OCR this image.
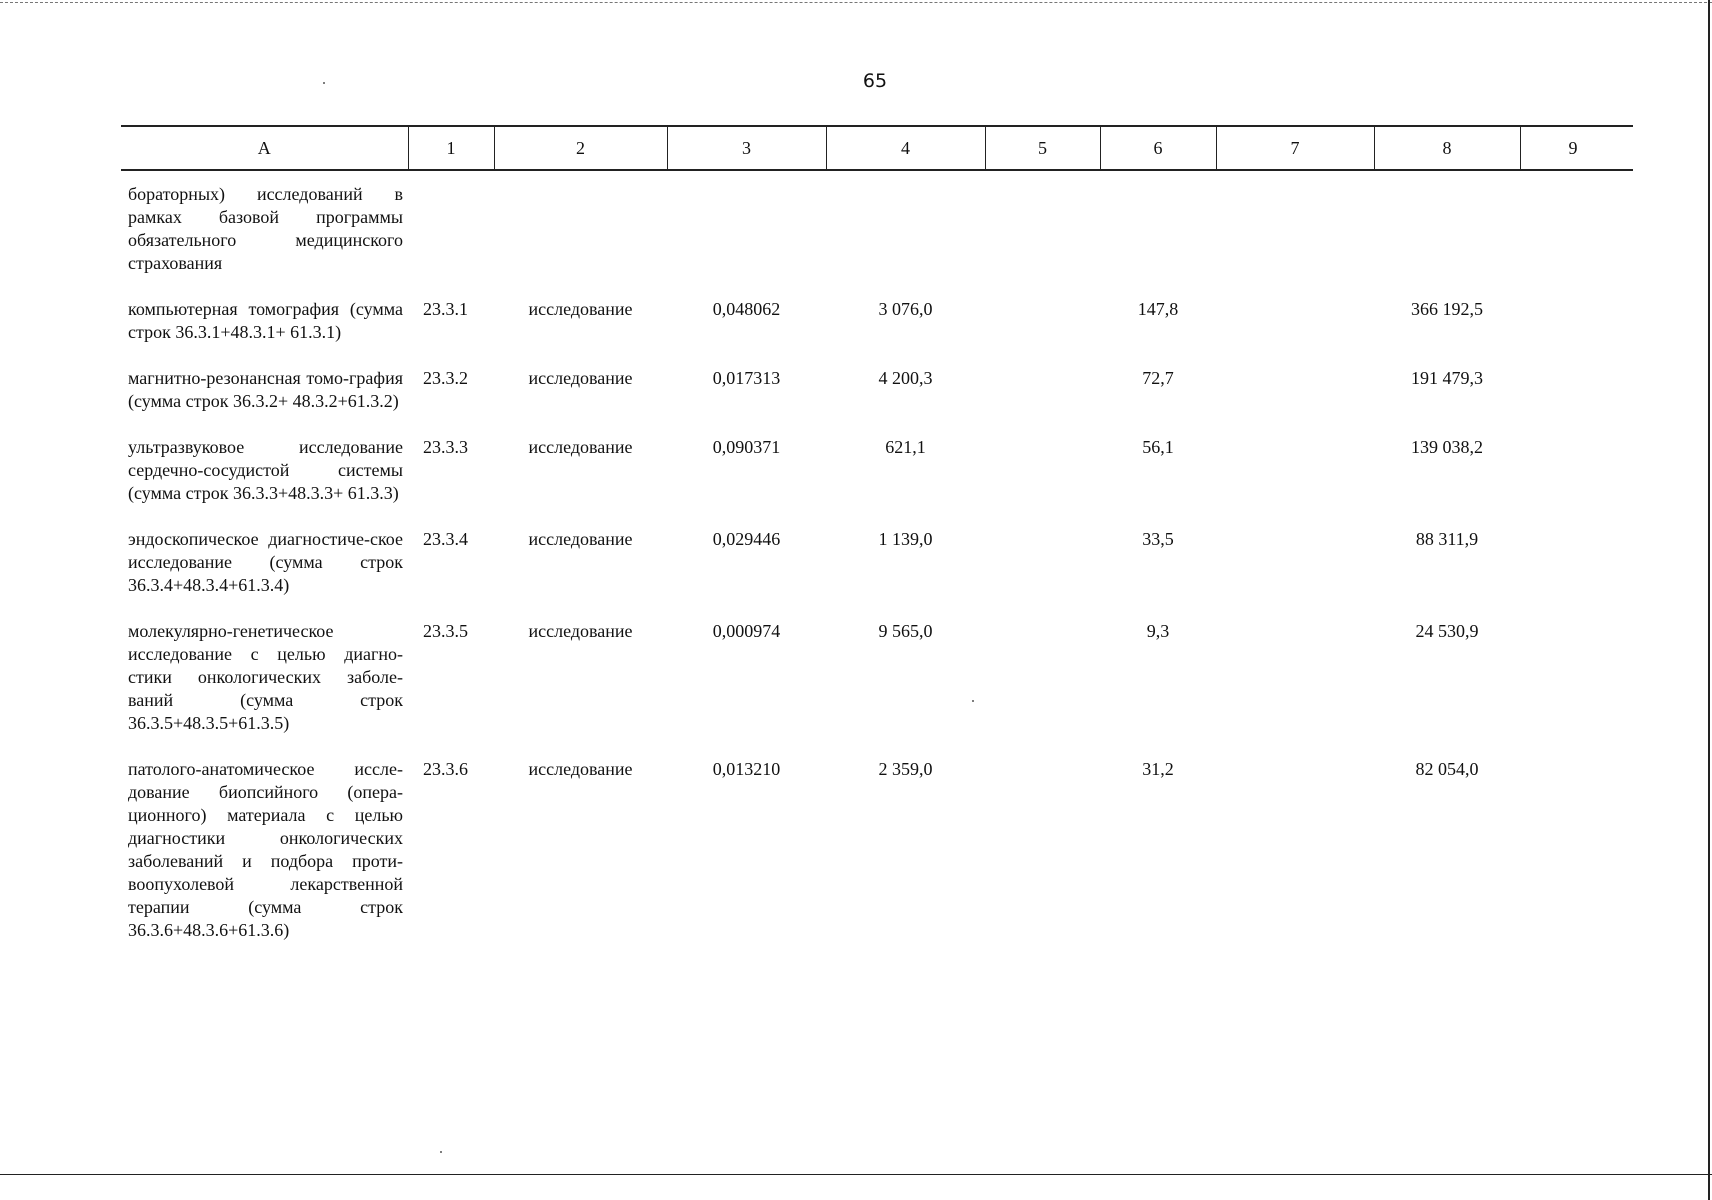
65
А	1	2	3	4	5	6	7	8	9

бораторных) исследований в рамках базовой программы обязательного медицинского страхования									
компьютерная томография (сумма строк 36.3.1+48.3.1+ 61.3.1)	23.3.1	исследование	0,048062	3 076,0		147,8		366 192,5	
магнитно-резонансная томо-графия (сумма строк 36.3.2+ 48.3.2+61.3.2)	23.3.2	исследование	0,017313	4 200,3		72,7		191 479,3	
ультразвуковое исследование сердечно-сосудистой системы (сумма строк 36.3.3+48.3.3+ 61.3.3)	23.3.3	исследование	0,090371	621,1		56,1		139 038,2	
эндоскопическое диагностиче-ское исследование (сумма строк 36.3.4+48.3.4+61.3.4)	23.3.4	исследование	0,029446	1 139,0		33,5		88 311,9	
молекулярно-генетическое исследование с целью диагно-стики онкологических заболе-ваний (сумма строк 36.3.5+48.3.5+61.3.5)	23.3.5	исследование	0,000974	9 565,0		9,3		24 530,9	
патолого-анатомическое иссле-дование биопсийного (опера-ционного) материала с целью диагностики онкологических заболеваний и подбора проти-воопухолевой лекарственной терапии (сумма строк 36.3.6+48.3.6+61.3.6)	23.3.6	исследование	0,013210	2 359,0		31,2		82 054,0	
